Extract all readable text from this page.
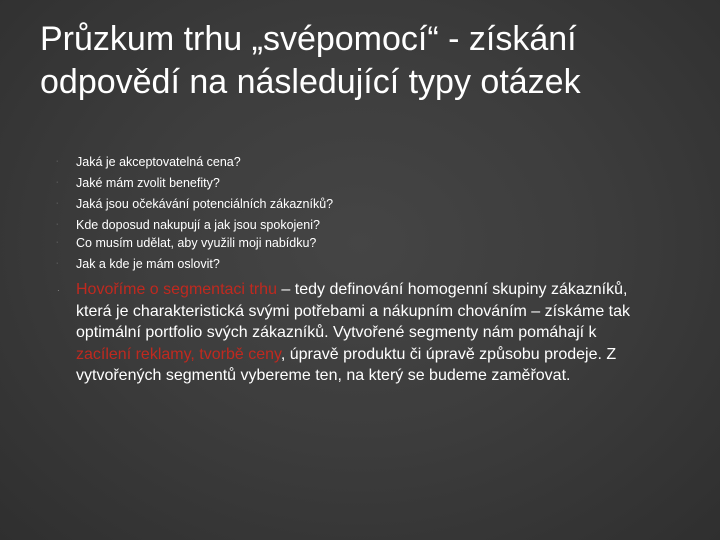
Průzkum trhu „svépomocí“ - získání odpovědí na následující typy otázek
· Jaká je akceptovatelná cena?
· Jaké mám zvolit benefity?
· Jaká jsou očekávání potenciálních zákazníků?
· Kde doposud nakupují a jak jsou spokojeni?
· Co musím udělat, aby využili moji nabídku?
· Jak a kde je mám oslovit?
· Hovoříme o segmentaci trhu – tedy definování homogenní skupiny zákazníků, která je charakteristická svými potřebami a nákupním chováním – získáme tak optimální portfolio svých zákazníků. Vytvořené segmenty nám pomáhají k zacílení reklamy, tvorbě ceny, úpravě produktu či úpravě způsobu prodeje. Z vytvořených segmentů vybereme ten, na který se budeme zaměřovat.
